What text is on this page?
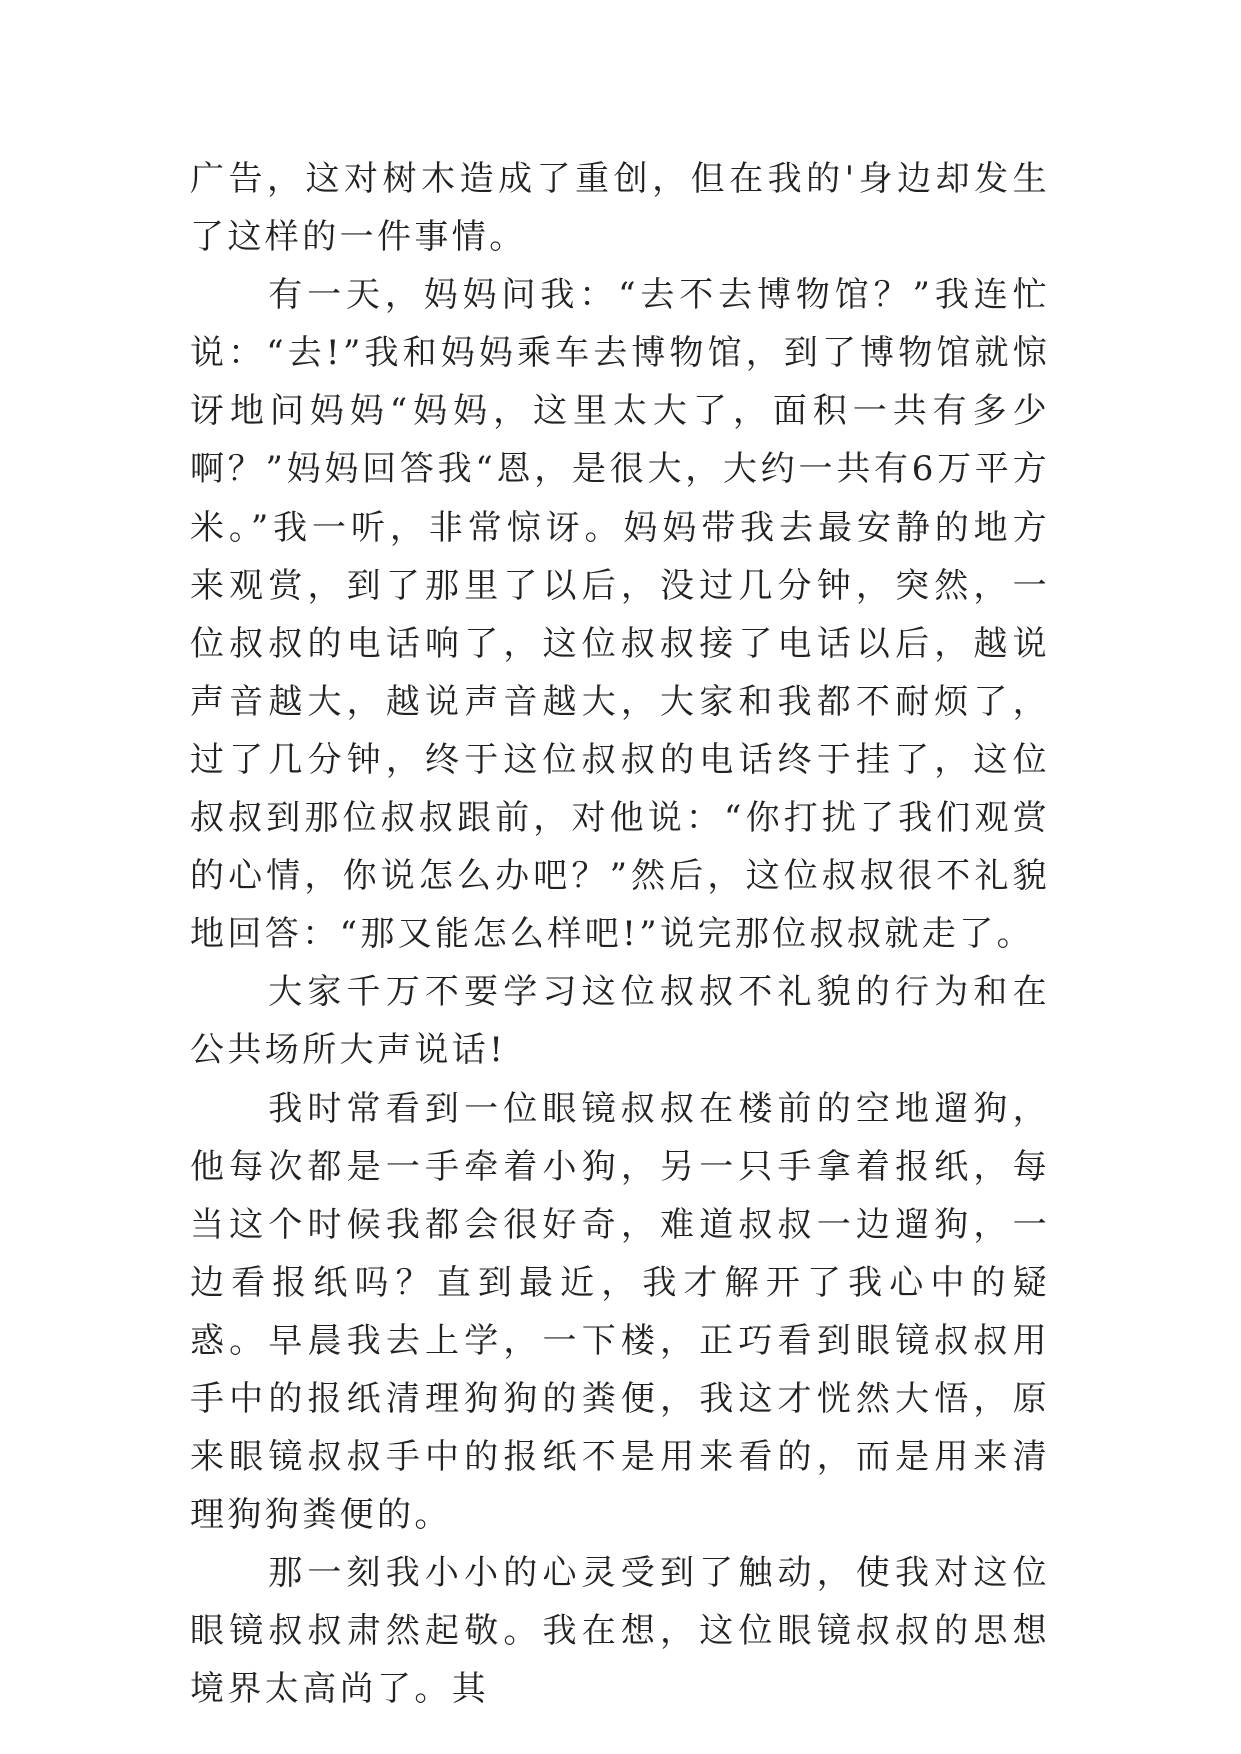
广告，这对树木造成了重创，但在我的'身边却发生了这样的一件事情。

有一天，妈妈问我：“去不去博物馆？”我连忙说：“去!”我和妈妈乘车去博物馆，到了博物馆就惊讶地问妈妈“妈妈，这里太大了，面积一共有多少啊？”妈妈回答我“恩，是很大，大约一共有6万平方米。”我一听，非常惊讶。妈妈带我去最安静的地方来观赏，到了那里了以后，没过几分钟，突然，一位叔叔的电话响了，这位叔叔接了电话以后，越说声音越大，越说声音越大，大家和我都不耐烦了，过了几分钟，终于这位叔叔的电话终于挂了，这位叔叔到那位叔叔跟前，对他说：“你打扰了我们观赏的心情，你说怎么办吧？”然后，这位叔叔很不礼貌地回答：“那又能怎么样吧!”说完那位叔叔就走了。

大家千万不要学习这位叔叔不礼貌的行为和在公共场所大声说话!

我时常看到一位眼镜叔叔在楼前的空地遛狗，他每次都是一手牵着小狗，另一只手拿着报纸，每当这个时候我都会很好奇，难道叔叔一边遛狗，一边看报纸吗？直到最近，我才解开了我心中的疑惑。早晨我去上学，一下楼，正巧看到眼镜叔叔用手中的报纸清理狗狗的粪便，我这才恍然大悟，原来眼镜叔叔手中的报纸不是用来看的，而是用来清理狗狗粪便的。

那一刻我小小的心灵受到了触动，使我对这位眼镜叔叔肃然起敬。我在想，这位眼镜叔叔的思想境界太高尚了。其
